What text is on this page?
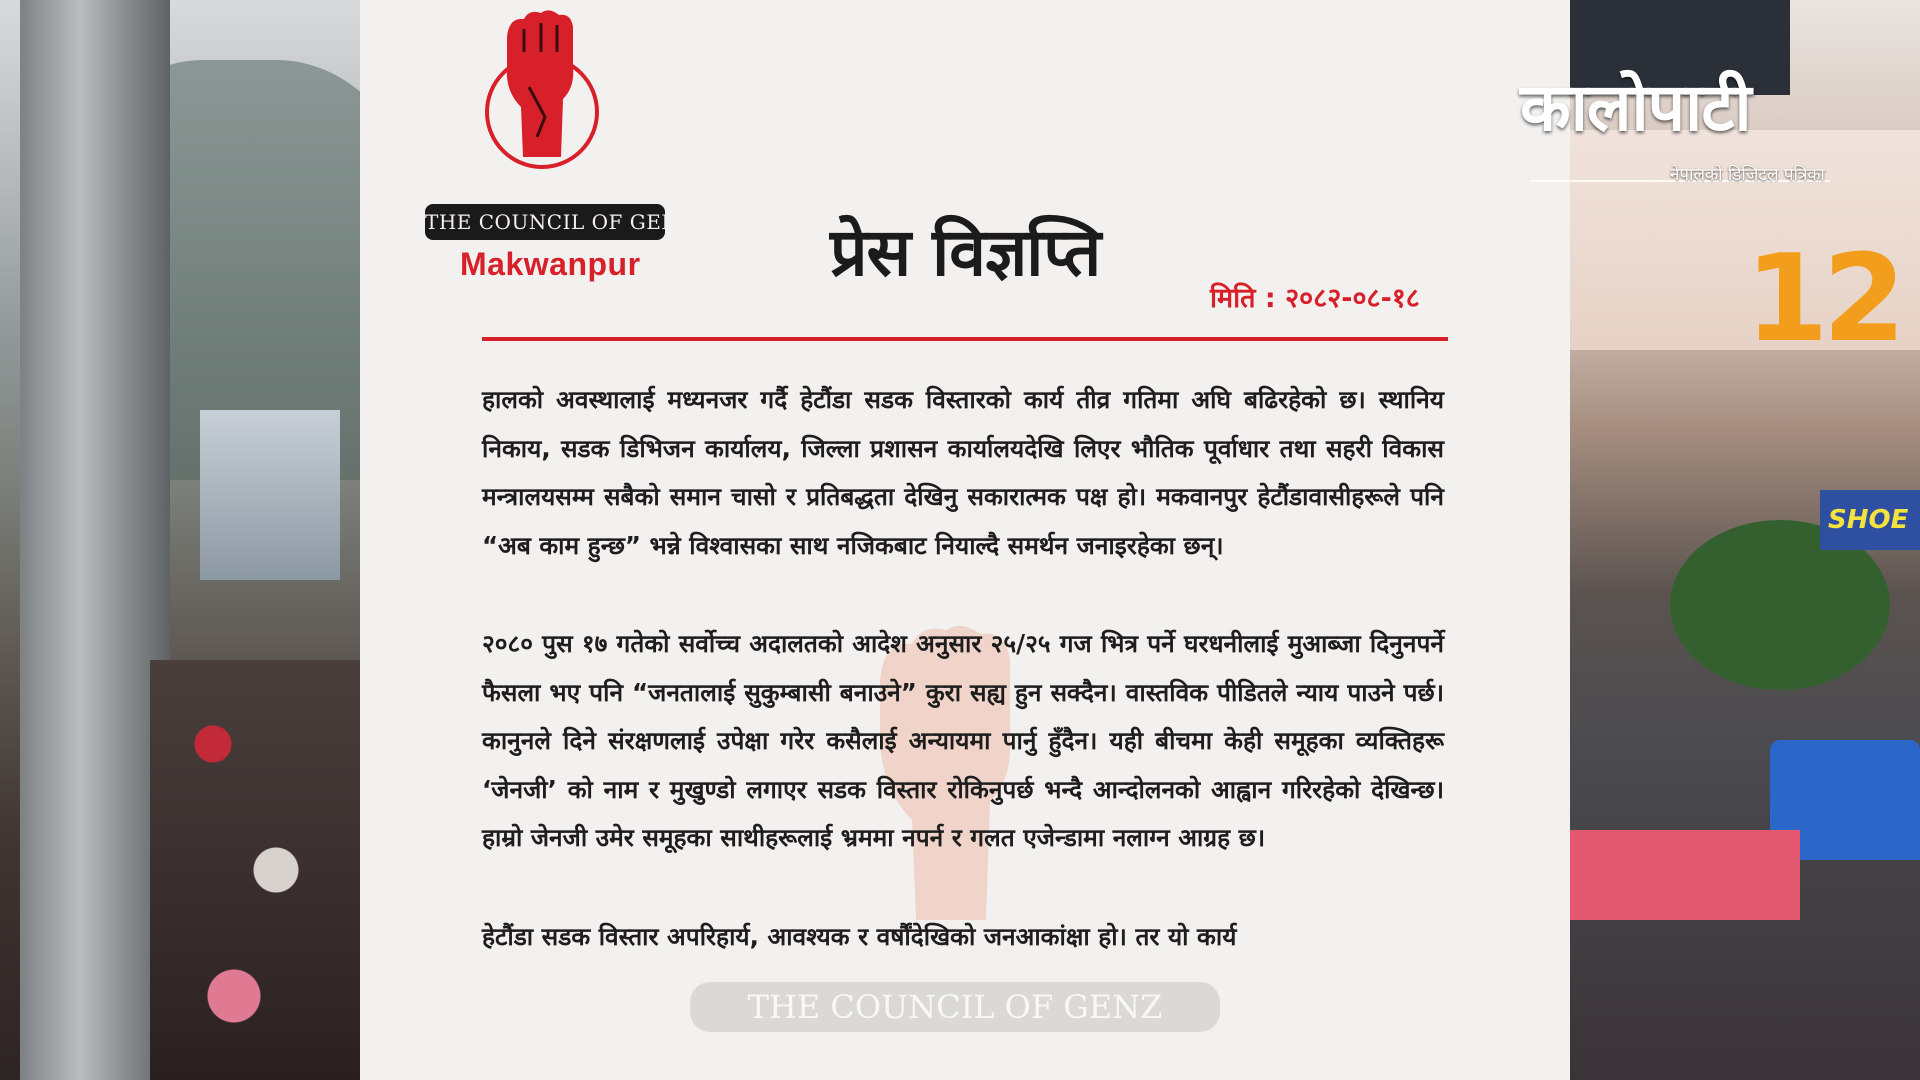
12
SHOE
THE COUNCIL OF GENZ
Makwanpur	प्रेस विज्ञप्ति
मिति : २०८२-०८-१८
THE COUNCIL OF GENZ

हालको अवस्थालाई मध्यनजर गर्दै हेटौंडा सडक विस्तारको कार्य तीव्र गतिमा अघि बढिरहेको छ। स्थानिय निकाय, सडक डिभिजन कार्यालय, जिल्ला प्रशासन कार्यालयदेखि लिएर भौतिक पूर्वाधार तथा सहरी विकास मन्त्रालयसम्म सबैको समान चासो र प्रतिबद्धता देखिनु सकारात्मक पक्ष हो। मकवानपुर हेटौंडावासीहरूले पनि “अब काम हुन्छ” भन्ने विश्वासका साथ नजिकबाट नियाल्दै समर्थन जनाइरहेका छन्।

२०८० पुस १७ गतेको सर्वोच्च अदालतको आदेश अनुसार २५/२५ गज भित्र पर्ने घरधनीलाई मुआब्जा दिनुनपर्ने फैसला भए पनि “जनतालाई सुकुम्बासी बनाउने” कुरा सह्य हुन सक्दैन। वास्तविक पीडितले न्याय पाउने पर्छ। कानुनले दिने संरक्षणलाई उपेक्षा गरेर कसैलाई अन्यायमा पार्नु हुँदैन। यही बीचमा केही समूहका व्यक्तिहरू ‘जेनजी’ को नाम र मुखुण्डो लगाएर सडक विस्तार रोकिनुपर्छ भन्दै आन्दोलनको आह्वान गरिरहेको देखिन्छ। हाम्रो जेनजी उमेर समूहका साथीहरूलाई भ्रममा नपर्न र गलत एजेन्डामा नलाग्न आग्रह छ।

हेटौंडा सडक विस्तार अपरिहार्य, आवश्यक र वर्षौंदेखिको जनआकांक्षा हो। तर यो कार्य

कालोपाटी
नेपालको डिजिटल पत्रिका
